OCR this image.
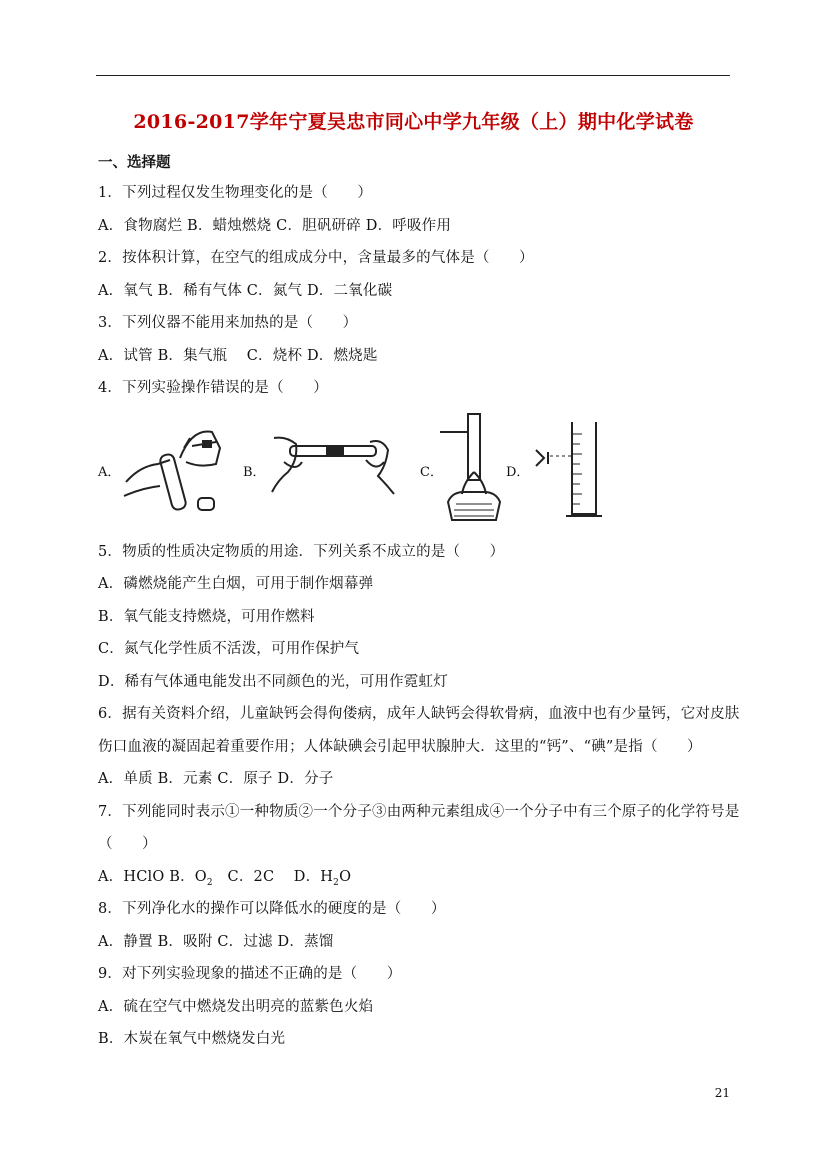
2016-2017学年宁夏吴忠市同心中学九年级（上）期中化学试卷
一、选择题
1．下列过程仅发生物理变化的是（　　）
A．食物腐烂 B．蜡烛燃烧 C．胆矾研碎 D．呼吸作用
2．按体积计算，在空气的组成成分中，含量最多的气体是（　　）
A．氧气 B．稀有气体 C．氮气 D．二氧化碳
3．下列仪器不能用来加热的是（　　）
A．试管 B．集气瓶　 C．烧杯 D．燃烧匙
4．下列实验操作错误的是（　　）
A．	B．	C．	D．
5．物质的性质决定物质的用途．下列关系不成立的是（　　）
A．磷燃烧能产生白烟，可用于制作烟幕弹
B．氧气能支持燃烧，可用作燃料
C．氮气化学性质不活泼，可用作保护气
D．稀有气体通电能发出不同颜色的光，可用作霓虹灯
6．据有关资料介绍，儿童缺钙会得佝偻病，成年人缺钙会得软骨病，血液中也有少量钙，它对皮肤
伤口血液的凝固起着重要作用；人体缺碘会引起甲状腺肿大．这里的“钙”、“碘”是指（　　）
A．单质 B．元素 C．原子 D．分子
7．下列能同时表示①一种物质②一个分子③由两种元素组成④一个分子中有三个原子的化学符号是
（　　）
A．HClO B．$O_2$　C．2C　 D．$H_2O$
8．下列净化水的操作可以降低水的硬度的是（　　）
A．静置 B．吸附 C．过滤 D．蒸馏
9．对下列实验现象的描述不正确的是（　　）
A．硫在空气中燃烧发出明亮的蓝紫色火焰
B．木炭在氧气中燃烧发白光
21
